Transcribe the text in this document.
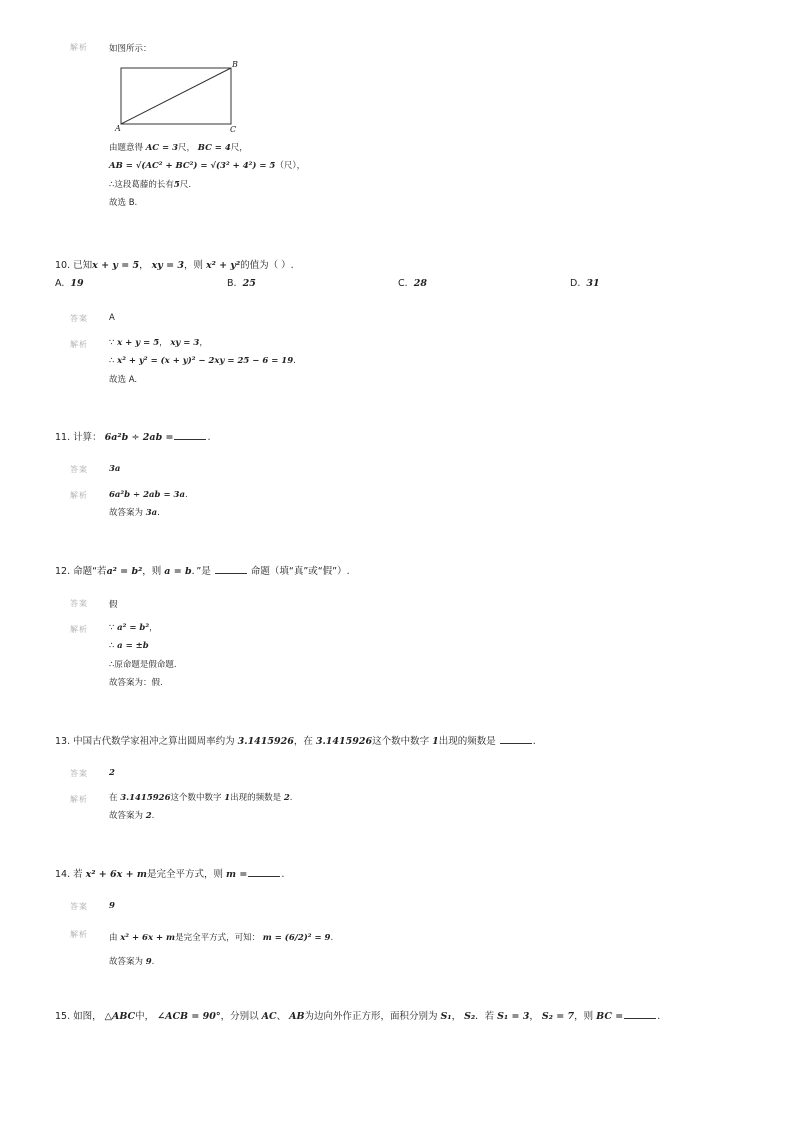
解析 如图所示：
B
A	C
由题意得 AC = 3尺， BC = 4尺，
AB = √(AC² + BC²) = √(3² + 4²) = 5（尺），
∴这段葛藤的长有5尺.
故选 B.
10. 已知x + y = 5， xy = 3，则 x² + y²的值为（ ）.
A. 19	B. 25	C. 28	D. 31
答案 A
解析 ∵ x + y = 5， xy = 3，
∴ x² + y² = (x + y)² − 2xy = 25 − 6 = 19.
故选 A.
11. 计算： 6a²b ÷ 2ab =	.
答案 3a
解析 6a²b ÷ 2ab = 3a.
故答案为 3a.
12. 命题“若a² = b²，则 a = b．”是	命题（填“真”或“假”）.
答案 假
解析 ∵ a² = b²，
∴ a = ±b
∴原命题是假命题.
故答案为：假.
13. 中国古代数学家祖冲之算出圆周率约为 3.1415926，在 3.1415926这个数中数字 1出现的频数是	.
答案 2
解析 在 3.1415926这个数中数字 1出现的频数是 2.
故答案为 2.
14. 若 x² + 6x + m是完全平方式，则 m =	.
答案 9
解析 由 x² + 6x + m是完全平方式，可知： m = (6/2)² = 9.
故答案为 9.
15. 如图， △ABC中， ∠ACB = 90°，分别以 AC、 AB为边向外作正方形，面积分别为 S₁， S₂．若 S₁ = 3， S₂ = 7，则 BC =	.
